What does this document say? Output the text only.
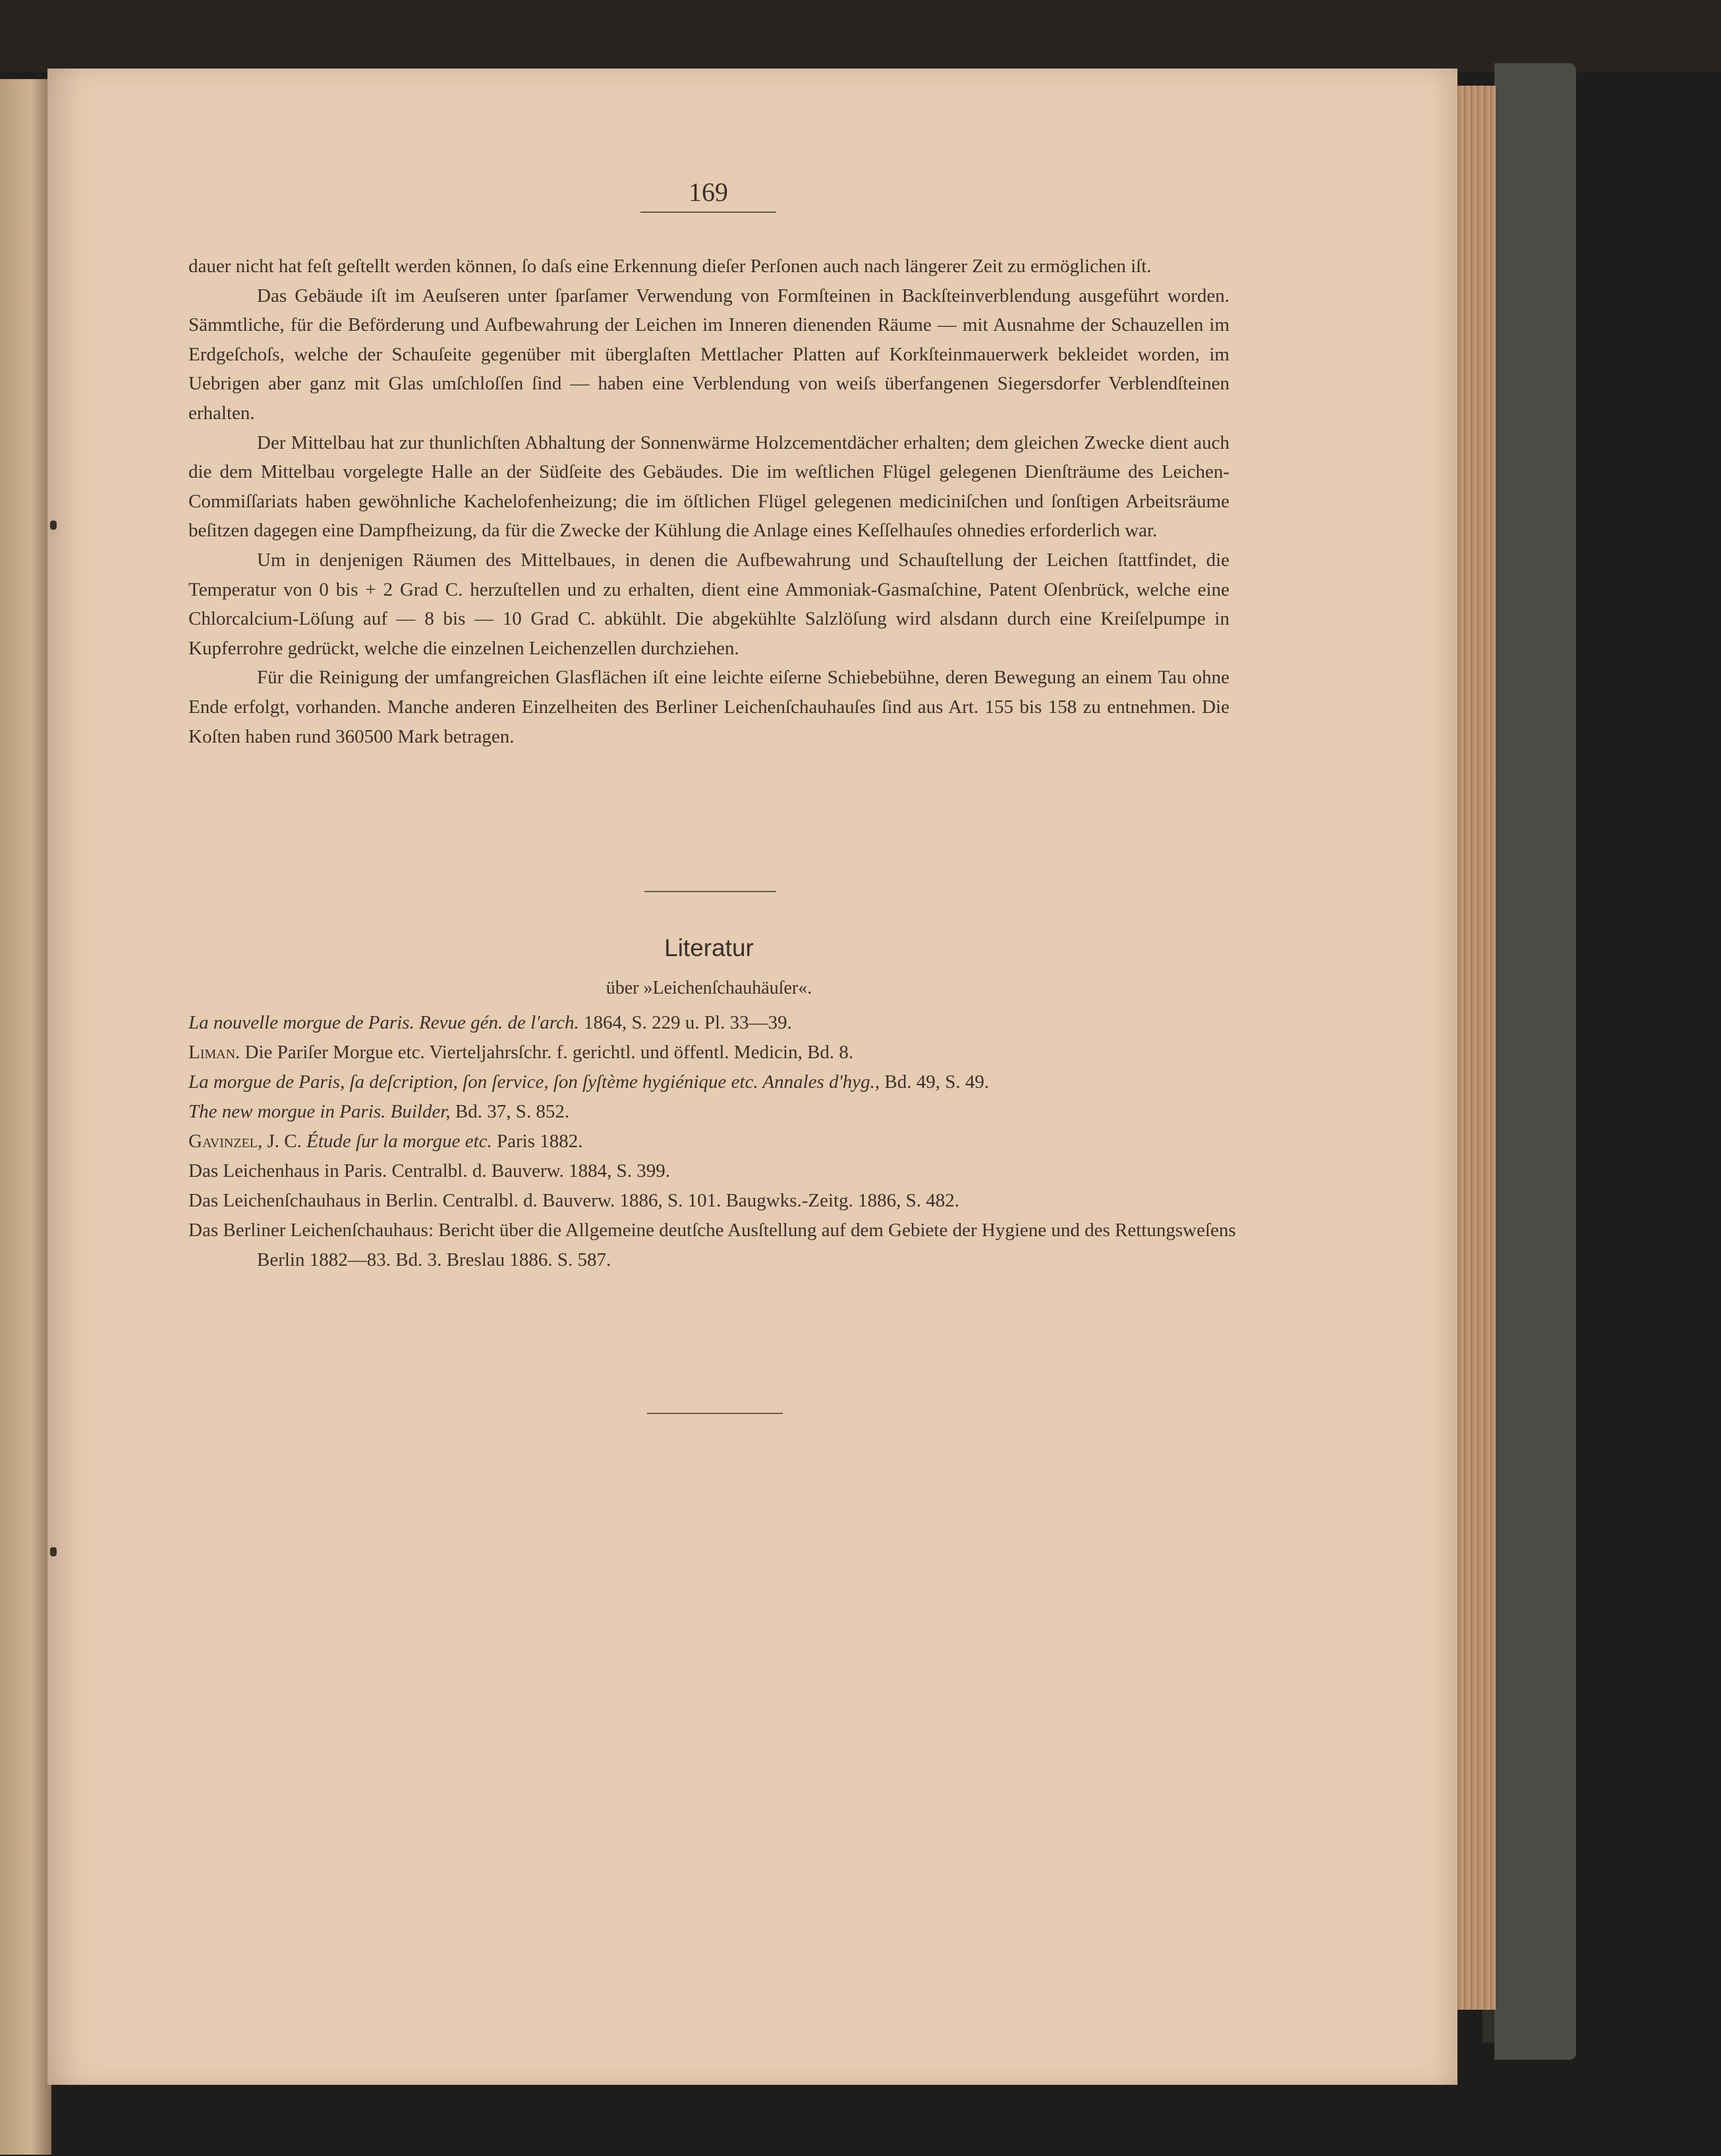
169

dauer nicht hat feſt geſtellt werden können, ſo daſs eine Erkennung dieſer Perſonen auch nach längerer Zeit zu ermöglichen iſt.

Das Gebäude iſt im Aeuſseren unter ſparſamer Verwendung von Formſteinen in Backſteinverblendung ausgeführt worden. Sämmtliche, für die Beförderung und Aufbewahrung der Leichen im Inneren dienenden Räume — mit Ausnahme der Schauzellen im Erdgeſchoſs, welche der Schauſeite gegenüber mit überglaſten Mettlacher Platten auf Korkſteinmauerwerk bekleidet worden, im Uebrigen aber ganz mit Glas umſchloſſen ſind — haben eine Verblendung von weiſs überfangenen Siegersdorfer Verblendſteinen erhalten.

Der Mittelbau hat zur thunlichſten Abhaltung der Sonnenwärme Holzcementdächer erhalten; dem gleichen Zwecke dient auch die dem Mittelbau vorgelegte Halle an der Südſeite des Gebäudes. Die im weſtlichen Flügel gelegenen Dienſträume des Leichen-Commiſſariats haben gewöhnliche Kachelofenheizung; die im öſtlichen Flügel gelegenen mediciniſchen und ſonſtigen Arbeitsräume beſitzen dagegen eine Dampfheizung, da für die Zwecke der Kühlung die Anlage eines Keſſelhauſes ohnedies erforderlich war.

Um in denjenigen Räumen des Mittelbaues, in denen die Aufbewahrung und Schauſtellung der Leichen ſtattfindet, die Temperatur von 0 bis + 2 Grad C. herzuſtellen und zu erhalten, dient eine Ammoniak-Gasmaſchine, Patent Oſenbrück, welche eine Chlorcalcium-Löſung auf — 8 bis — 10 Grad C. abkühlt. Die abgekühlte Salzlöſung wird alsdann durch eine Kreiſelpumpe in Kupferrohre gedrückt, welche die einzelnen Leichenzellen durchziehen.

Für die Reinigung der umfangreichen Glasflächen iſt eine leichte eiſerne Schiebebühne, deren Bewegung an einem Tau ohne Ende erfolgt, vorhanden. Manche anderen Einzelheiten des Berliner Leichenſchauhauſes ſind aus Art. 155 bis 158 zu entnehmen. Die Koſten haben rund 360500 Mark betragen.

Literatur
über »Leichenſchauhäuſer«.

La nouvelle morgue de Paris. Revue gén. de l'arch. 1864, S. 229 u. Pl. 33—39.

Liman. Die Pariſer Morgue etc. Vierteljahrsſchr. f. gerichtl. und öffentl. Medicin, Bd. 8.

La morgue de Paris, ſa deſcription, ſon ſervice, ſon ſyſtème hygiénique etc. Annales d'hyg., Bd. 49, S. 49.

The new morgue in Paris. Builder, Bd. 37, S. 852.

Gavinzel, J. C. Étude ſur la morgue etc. Paris 1882.

Das Leichenhaus in Paris. Centralbl. d. Bauverw. 1884, S. 399.

Das Leichenſchauhaus in Berlin. Centralbl. d. Bauverw. 1886, S. 101. Baugwks.-Zeitg. 1886, S. 482.

Das Berliner Leichenſchauhaus: Bericht über die Allgemeine deutſche Ausſtellung auf dem Gebiete der Hygiene und des Rettungsweſens Berlin 1882—83. Bd. 3. Breslau 1886. S. 587.
